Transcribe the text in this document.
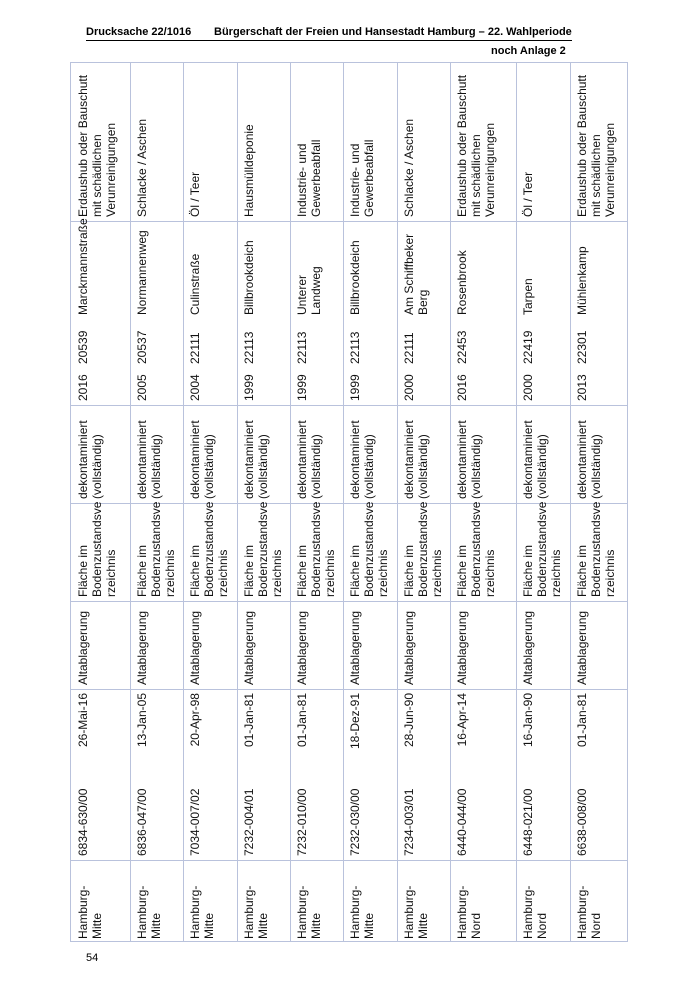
Drucksache 22/1016 Bürgerschaft der Freien und Hansestadt Hamburg – 22. Wahlperiode
noch Anlage 2
Erdaushub oder Bauschutt mit schädlichen Verunreinigungen
Marckmannstraße
20539
2016
dekontaminiert (vollständig)
Fläche im Bodenzustandsve rzeichnis
Altablagerung
26-Mai-16
6834-630/00
Hamburg- Mitte
Schlacke / Aschen
Normannenweg
20537
2005
dekontaminiert (vollständig)
Fläche im Bodenzustandsve rzeichnis
Altablagerung
13-Jan-05
6836-047/00
Hamburg- Mitte
Öl / Teer
Culinstraße
22111
2004
dekontaminiert (vollständig)
Fläche im Bodenzustandsve rzeichnis
Altablagerung
20-Apr-98
7034-007/02
Hamburg- Mitte
Hausmülldeponie
Billbrookdeich
22113
1999
dekontaminiert (vollständig)
Fläche im Bodenzustandsve rzeichnis
Altablagerung
01-Jan-81
7232-004/01
Hamburg- Mitte
Industrie- und Gewerbeabfall
Unterer Landweg
22113
1999
dekontaminiert (vollständig)
Fläche im Bodenzustandsve rzeichnis
Altablagerung
01-Jan-81
7232-010/00
Hamburg- Mitte
Industrie- und Gewerbeabfall
Billbrookdeich
22113
1999
dekontaminiert (vollständig)
Fläche im Bodenzustandsve rzeichnis
Altablagerung
18-Dez-91
7232-030/00
Hamburg- Mitte
Schlacke / Aschen
Am Schiffbeker Berg
22111
2000
dekontaminiert (vollständig)
Fläche im Bodenzustandsve rzeichnis
Altablagerung
28-Jun-90
7234-003/01
Hamburg- Mitte
Erdaushub oder Bauschutt mit schädlichen Verunreinigungen
Rosenbrook
22453
2016
dekontaminiert (vollständig)
Fläche im Bodenzustandsve rzeichnis
Altablagerung
16-Apr-14
6440-044/00
Hamburg- Nord
Öl / Teer
Tarpen
22419
2000
dekontaminiert (vollständig)
Fläche im Bodenzustandsve rzeichnis
Altablagerung
16-Jan-90
6448-021/00
Hamburg- Nord
Erdaushub oder Bauschutt mit schädlichen Verunreinigungen
Mühlenkamp
22301
2013
dekontaminiert (vollständig)
Fläche im Bodenzustandsve rzeichnis
Altablagerung
01-Jan-81
6638-008/00
Hamburg- Nord
54
